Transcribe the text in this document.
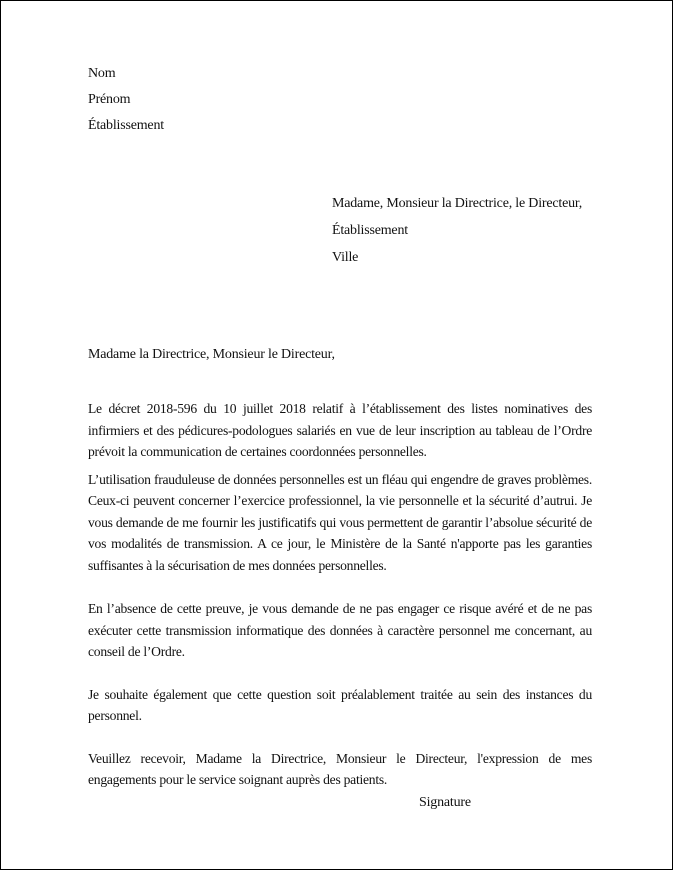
Nom
Prénom
Établissement
Madame, Monsieur la Directrice, le Directeur,
Établissement
Ville
Madame la Directrice, Monsieur le Directeur,

Le décret 2018-596 du 10 juillet 2018 relatif à l’établissement des listes nominatives des infirmiers et des pédicures-podologues salariés en vue de leur inscription au tableau de l’Ordre prévoit la communication de certaines coordonnées personnelles.

L’utilisation frauduleuse de données personnelles est un fléau qui engendre de graves problèmes. Ceux-ci peuvent concerner l’exercice professionnel, la vie personnelle et la sécurité d’autrui. Je vous demande de me fournir les justificatifs qui vous permettent de garantir l’absolue sécurité de vos modalités de transmission. A ce jour, le Ministère de la Santé n'apporte pas les garanties suffisantes à la sécurisation de mes données personnelles.

En l’absence de cette preuve, je vous demande de ne pas engager ce risque avéré et de ne pas exécuter cette transmission informatique des données à caractère personnel me concernant, au conseil de l’Ordre.

Je souhaite également que cette question soit préalablement traitée au sein des instances du personnel.

Veuillez recevoir, Madame la Directrice, Monsieur le Directeur, l'expression de mes engagements pour le service soignant auprès des patients.

Signature
